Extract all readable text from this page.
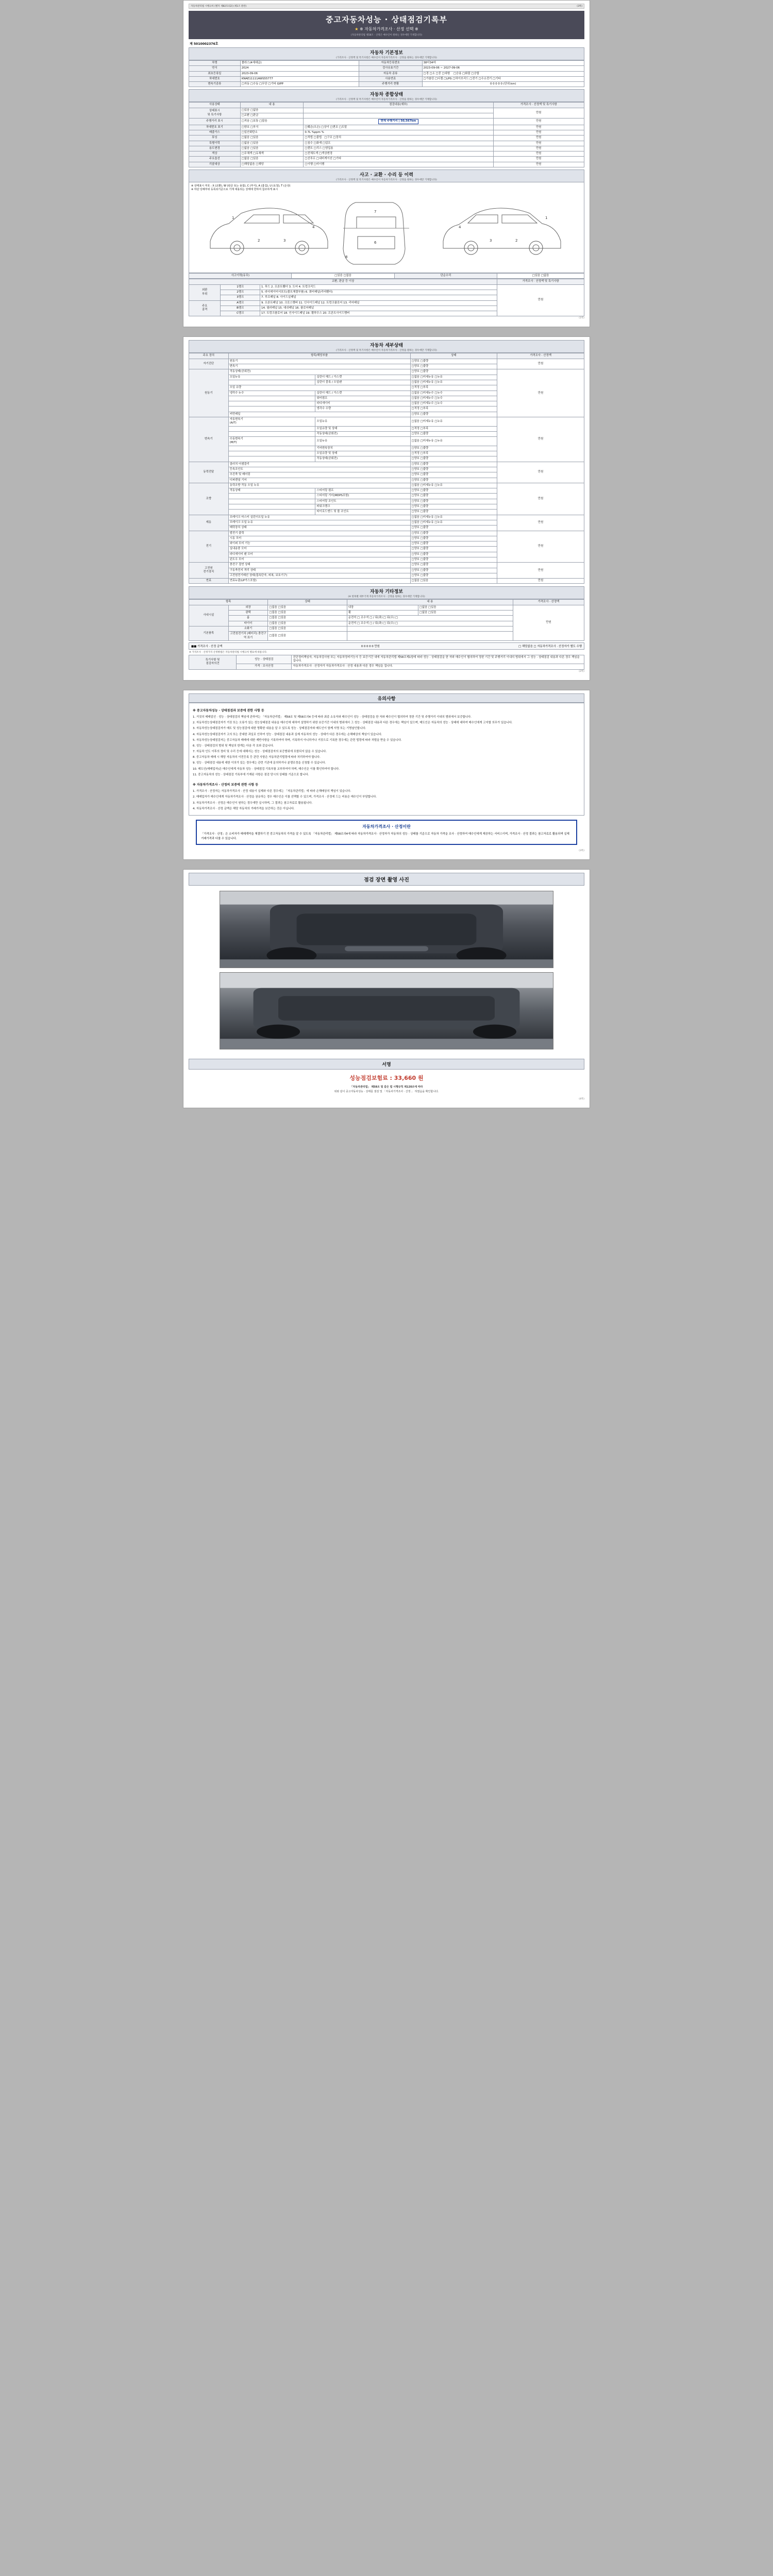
자동차관리법 시행규칙 [별지 제82호의2] (제1조 관련)	(3쪽)
중고자동차성능 · 상태점검기록부
★ ※ 자동차가격조사 · 산정 선택 ※
(자동차관리법 제58조 · 산정은 매수인이 원하는 경우에만 기재합니다)
제 5010002376호
자동차 기본정보
(가격조사 · 산정액 및 특기사항은 매수인이 자동차가격조사 · 산정을 원하는 경우에만 기재합니다)
차명	쏠라스(4세대급)	자동차등록번호	38더34마
연식	2024	검사유효기간	2023-09-06 ~ 2027-09-06
최초등록일	2023-09-06	자동차 종류	□경 □소 □중 □대형 □승용 □화물 □승합
차대번호	KNAE11111AWS55777	사용연료	□가솔린 □디젤 □LPG □하이브리드 □전기 □수소전기 □기타
변속기종류	□자동 □수동 □무단 □기타 GIPP	주행거리 현황	0 0 0 0 0 (단위:km)
자동차 종합상태
(가격조사 · 산정액 및 특기사항은 매수인이 자동차가격조사 · 산정을 원하는 경우에만 기재합니다)
사용상태	내 용	점검내용(세부)	가격조사 · 산정액 및 특기사항
상태표시
및 특기사항	□있음 □없음		만원
	□교환 □판금		
주행거리 표시	□적음 □보통 □많음	현재 주행거리 | 50,567km	만원
차대번호 표기	□양호 □부식	□훼손(오손) □상이 □변조 □도말	만원
배출가스	□일산화탄소	0.7L %ppm %	만원
튜닝	□없음 □있음	□적법 □불법 □구조 □장치	만원
특별이력	□없음 □있음	□침수 □화재 □덤프	만원
용도변경	□없음 □있음	□렌트 □리스 □영업용	만원
색상	□무채색 □유채색	□전체도색 □색상변경	만원
주요옵션	□없음 □있음	□선루프 □내비게이션 □기타	만원
리콜대상	□해당없음 □해당	□이행 □미이행	만원
사고 · 교환 · 수리 등 이력
(가격조사 · 산정액 및 특기사항은 매수인이 자동차가격조사 · 산정을 원하는 경우에만 기재합니다)
※ 상태표시 부호 : X (교환), W (판금 또는 용접), C (부식), A (흠집), U (요철), T (손상)
※ 하단 당해부위 등록되기준으로 기재 대용되는 상태에 한하여 참조하게 표시
1
2	3
4
7
6
8
4
3	2
1
사고이력(유무)	□있음 □없음	단순수리	□있음 □없음
교환, 판금 등 이상			가격조사 · 산정액 및 특기사항
외판
부위	1랭크	1. 후드 2. 프론트휀더 3. 도어 4. 트렁크리드	만원
	2랭크	5. 라디에이터서포트(볼트체결부품) 6. 쿼터패널(리어휀더)	
	3랭크	7. 루프패널 8. 사이드실패널	
주요
골격	A랭크	9. 프론트패널 10. 크로스멤버 11. 인사이드패널 12. 트렁크플로어 13. 리어패널	
	B랭크	14. 필러패널 15. 대쉬패널 16. 플로어패널	
	C랭크	17. 트렁크플로어 18. 인사이드패널 19. 휠하우스 20. 프론트사이드멤버	
(1쪽)
자동차 세부상태
(가격조사 · 산정액 및 특기사항은 매수인이 자동차가격조사 · 산정을 원하는 경우에만 기재합니다)
주요 장치	항목/해당부품		상태	가격조사 · 산정액
자기진단	원동기		□양호 □불량	만원
	변속기		□양호 □불량	
원동기	작동상태(공회전)		□양호 □불량	만원
	오일누유	실린더 헤드 / 가스켓	□없음 □미세누유 □누유	
		실린더 블록 / 오일팬	□없음 □미세누유 □누유	
	오일 유량		□적정 □부족	
	냉각수 누수	실린더 헤드 / 가스켓	□없음 □미세누수 □누수	
		워터펌프	□없음 □미세누수 □누수	
		라디에이터	□없음 □미세누수 □누수	
		냉각수 수량	□적정 □부족	
	커먼레일		□양호 □불량	
변속기	자동변속기
(A/T)	오일누유	□없음 □미세누유 □누유	만원
		오일유량 및 상태	□적정 □부족	
		작동상태(공회전)	□양호 □불량	
	수동변속기
(M/T)	오일누유	□없음 □미세누유 □누유	
		기어변속장치	□양호 □불량	
		오일유량 및 상태	□적정 □부족	
		작동상태(공회전)	□양호 □불량	
동력전달	클러치 어셈블리		□양호 □불량	만원
	등속조인트		□양호 □불량	
	추진축 및 베어링		□양호 □불량	
	디퍼렌셜 기어		□양호 □불량	
조향	동력조향 작동 오일 누유		□없음 □미세누유 □누유	만원
	작동상태	스티어링 펌프	□양호 □불량	
		스티어링 기어(MDPS포함)	□양호 □불량	
		스티어링 조인트	□양호 □불량	
		파워크랭크	□양호 □불량	
		타이로드엔드 및 볼 조인트	□양호 □불량	
제동	브레이크 마스터 실린더오일 누유		□없음 □미세누유 □누유	만원
	브레이크 오일 누유		□없음 □미세누유 □누유	
	배력장치 상태		□양호 □불량	
전기	발전기 출력		□양호 □불량	만원
	시동 모터		□양호 □불량	
	와이퍼 모터 기능		□양호 □불량	
	실내송풍 모터		□양호 □불량	
	라디에이터 팬 모터		□양호 □불량	
	윈도우 모터		□양호 □불량	
고전원
전기장치	충전구 절연 상태		□양호 □불량	만원
	구동축전지 격리 상태		□양호 □불량	
	고전원전기배선 상태(접속단자, 피복, 보호기구)		□양호 □불량	
연료	연료누출(LP가스포함)		□없음 □있음	만원
자동차 기타정보
(※ 항목별 세부기재 자동차가격조사 · 산정을 원하는 경우에만 기재합니다)
항목		상태	내 용		가격조사 · 산정액
사내시설	외장	□없음 □있음	내장	□없음 □있음	만원
	광택	□없음 □있음	휠	□없음 □있음	
	룸	□없음 □있음	운전석 □ 조수석 □ / 뒤(좌) □ 뒤(우) □		
	타이어	□없음 □있음	운전석 □ 조수석 □ / 뒤(좌) □ 뒤(우) □		
기본품목	소화기	□없음 □있음			
	고전원전기차 (배터리) 충전구역 표기	□없음 □있음			
■■ 가격조사 · 산정 금액	0 0 0 0 0 만원	□ 해당없음 □ 자동차가격조사 · 산정자가 별도 수행
※ 가격조사 · 산정가격 산정방법은 자동차관리법 시행규칙 별표에 따릅니다.
특기사항 및
점검자의견	성능 · 상태점검	진단정비책임자, 자동차검사원 또는 자동차정비기능사 등 보증기간 내에 자동차관리법 제58조제1항에 따라 성능 · 상태점검을 한 자와 매수인이 협의하여 정한 기간 및 주행거리 이내의 범위에서 그 성능 · 상태점검 내용과 다른 경우 책임을 집니다.
	가격 · 조사산정	자동차가격조사 · 산정자가 자동차가격조사 · 산정 내용과 다른 경우 책임을 집니다.
(2쪽)
유의사항
※ 중고자동차성능 · 상태점검과 보증에 관한 사항 등

1. 거짓의 매매알선 · 성능 · 상태점검의 책임에 관하여는 「자동차관리법」 제58조 및 제58조의4 등에 따라 최종 소유자와 매수인이 성능 · 상태점검을 한 자와 매수인이 협의하여 정한 기간 및 주행거리 이내의 범위에서 보증합니다.

2. 자동차성능상태점검자가 거짓 또는 오류가 있는 성능상태점검 내용을 매수인에 대하여 설명하기 위한 보증기간 이내의 범위에서 그 성능 · 상태점검 내용과 다른 경우에는 책임이 있으며, 매도인은 자동차의 성능 · 상태에 대하여 매수인에게 고지할 의무가 있습니다.

3. 자동차성능상태점검자가 매도 및 성능점검에 대한 명확한 내용을 알 수 있도록 성능 · 상태점검자와 매도인이 함께 서명 또는 기명날인합니다.

4. 자동차성능상태점검자가 고의 또는 중대한 과실로 인하여 성능 · 상태점검 내용과 실제 자동차의 성능 · 상태가 다른 경우에는 손해배상의 책임이 있습니다.

5. 자동차성능상태점검자는 중고자동차 매매에 대한 제반사항을 기록하여야 하며, 기록하지 아니하거나 거짓으로 기록한 경우에는 관련 법령에 따라 처벌을 받을 수 있습니다.

6. 성능 · 상태점검의 범위 및 책임의 한계는 다음 각 호와 같습니다.

7. 자동차 인도 이후의 정비 및 수리 등에 대해서는 성능 · 상태점검자의 보증범위에 포함되지 않을 수 있습니다.

8. 중고자동차 매매 시 해당 자동차의 이전등록 등 관련 사항은 자동차관리법령에 따라 처리하여야 합니다.

9. 성능 · 상태점검 내용에 대한 이의가 있는 경우에는 관련 기관에 문의하거나 분쟁조정을 신청할 수 있습니다.

10. 매도인(매매업자)은 매수인에게 자동차 성능 · 상태점검 기록부를 교부하여야 하며, 매수인은 이를 확인하여야 합니다.

11. 중고자동차의 성능 · 상태점검 기록부에 기재된 사항은 점검 당시의 상태를 기준으로 합니다.

※ 자동차가격조사 · 산정의 보증에 관한 사항 등

1. 가격조사 · 산정자는 자동차가격조사 · 산정 내용이 실제와 다른 경우에는 「자동차관리법」에 따라 손해배상의 책임이 있습니다.

2. 매매업자가 매수인에게 자동차가격조사 · 산정을 권유하는 경우 매수인은 이를 선택할 수 있으며, 가격조사 · 산정에 드는 비용은 매수인이 부담합니다.

3. 자동차가격조사 · 산정은 매수인이 원하는 경우에만 실시하며, 그 결과는 참고자료로 활용됩니다.

4. 자동차가격조사 · 산정 금액은 해당 자동차의 거래가격을 보증하는 것은 아닙니다.

자동차가격조사 · 산정이란
「가격조사 · 산정」은 소비자가 매매계약을 체결하기 전 중고자동차의 가격을 알 수 있도록 「자동차관리법」 제58조의4에 따라 자동차가격조사 · 산정자가 자동차의 성능 · 상태를 기준으로 자동차 가격을 조사 · 산정하여 매수인에게 제공하는 서비스이며, 가격조사 · 산정 결과는 참고자료로 활용되며 실제 거래가격과 다를 수 있습니다.
(3쪽)
점검 장면 촬영 사진
서명
성능점검보험료 : 33,660 원
「자동차관리법」 제58조 및 같은 법 시행규칙 제120조에 따라
위와 같이 중고자동차성능 · 상태를 점검 및 「자동차가격조사 · 산정 」 하였음을 확인합니다.
(4쪽)
